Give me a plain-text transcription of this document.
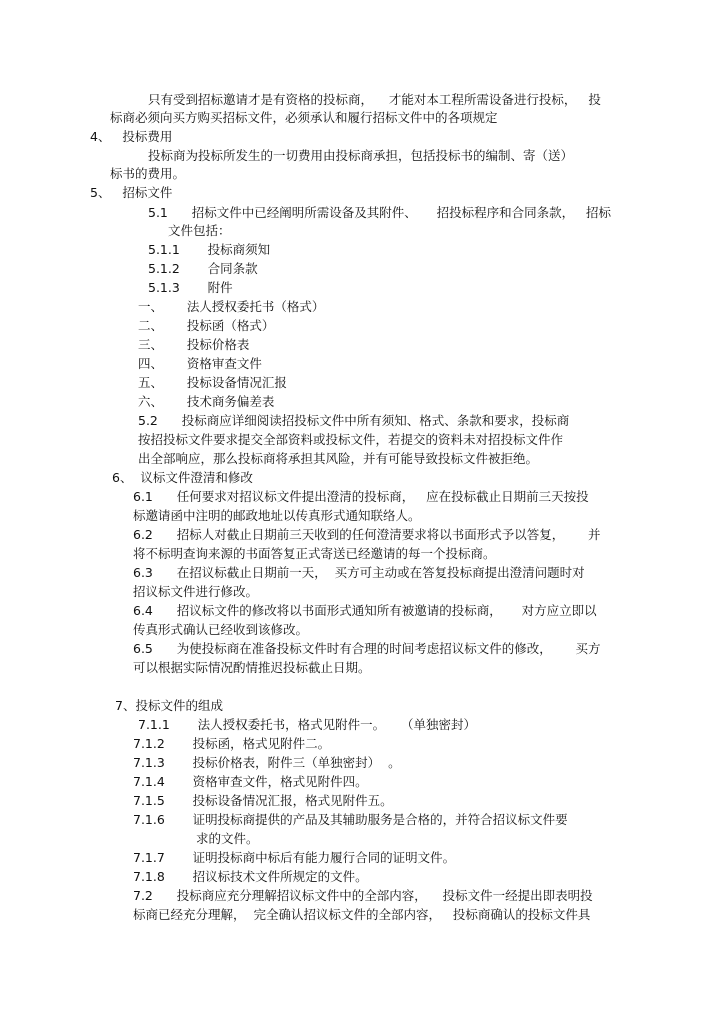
只有受到招标邀请才是有资格的投标商，    才能对本工程所需设备进行投标，   投
标商必须向买方购买招标文件，必须承认和履行招标文件中的各项规定
4、   投标费用
投标商为投标所发生的一切费用由投标商承担，包括投标书的编制、寄（送）
标书的费用。
5、   招标文件
5.1      招标文件中已经阐明所需设备及其附件、     招投标程序和合同条款，   招标
文件包括：
5.1.1       投标商须知
5.1.2       合同条款
5.1.3       附件
一、      法人授权委托书（格式）
二、      投标函（格式）
三、      投标价格表
四、      资格审查文件
五、      投标设备情况汇报
六、      技术商务偏差表
5.2      投标商应详细阅读招投标文件中所有须知、格式、条款和要求，投标商
按招投标文件要求提交全部资料或投标文件，若提交的资料未对招投标文件作
出全部响应，那么投标商将承担其风险，并有可能导致投标文件被拒绝。
6、  议标文件澄清和修改
6.1      任何要求对招议标文件提出澄清的投标商，   应在投标截止日期前三天按投
标邀请函中注明的邮政地址以传真形式通知联络人。
6.2      招标人对截止日期前三天收到的任何澄清要求将以书面形式予以答复，      并
将不标明查询来源的书面答复正式寄送已经邀请的每一个投标商。
6.3      在招议标截止日期前一天，  买方可主动或在答复投标商提出澄清问题时对
招议标文件进行修改。
6.4      招议标文件的修改将以书面形式通知所有被邀请的投标商，     对方应立即以
传真形式确认已经收到该修改。
6.5      为使投标商在准备投标文件时有合理的时间考虑招议标文件的修改，      买方
可以根据实际情况酌情推迟投标截止日期。
7、投标文件的组成
7.1.1       法人授权委托书，格式见附件一。    （单独密封）
7.1.2       投标函，格式见附件二。
7.1.3       投标价格表，附件三（单独密封）  。
7.1.4       资格审查文件，格式见附件四。
7.1.5       投标设备情况汇报，格式见附件五。
7.1.6       证明投标商提供的产品及其辅助服务是合格的，并符合招议标文件要
求的文件。
7.1.7       证明投标商中标后有能力履行合同的证明文件。
7.1.8       招议标技术文件所规定的文件。
7.2      投标商应充分理解招议标文件中的全部内容，    投标文件一经提出即表明投
标商已经充分理解，  完全确认招议标文件的全部内容，   投标商确认的投标文件具
